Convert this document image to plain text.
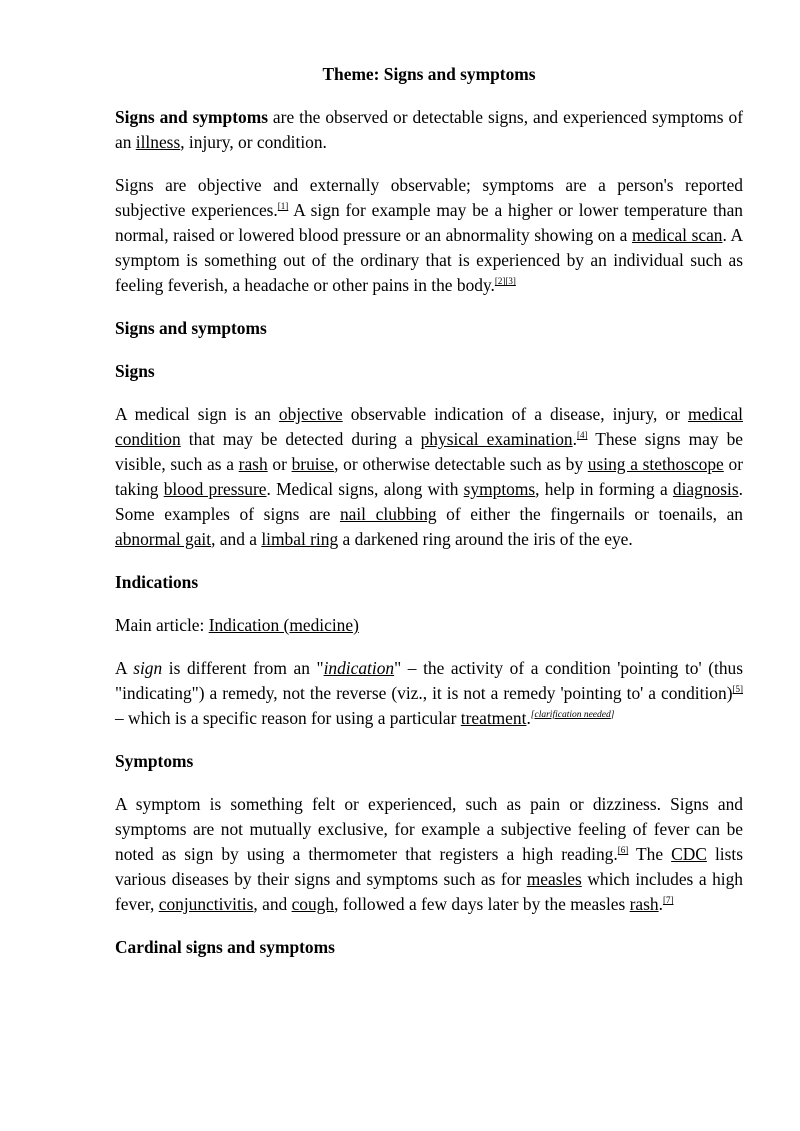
Theme: Signs and symptoms

Signs and symptoms are the observed or detectable signs, and experienced symptoms of an illness, injury, or condition.

Signs are objective and externally observable; symptoms are a person's reported subjective experiences.[1] A sign for example may be a higher or lower temperature than normal, raised or lowered blood pressure or an abnormality showing on a medical scan. A symptom is something out of the ordinary that is experienced by an individual such as feeling feverish, a headache or other pains in the body.[2][3]

Signs and symptoms
Signs

A medical sign is an objective observable indication of a disease, injury, or medical condition that may be detected during a physical examination.[4] These signs may be visible, such as a rash or bruise, or otherwise detectable such as by using a stethoscope or taking blood pressure. Medical signs, along with symptoms, help in forming a diagnosis. Some examples of signs are nail clubbing of either the fingernails or toenails, an abnormal gait, and a limbal ring a darkened ring around the iris of the eye.

Indications

Main article: Indication (medicine)

A sign is different from an "indication" – the activity of a condition 'pointing to' (thus "indicating") a remedy, not the reverse (viz., it is not a remedy 'pointing to' a condition)[5] – which is a specific reason for using a particular treatment.[clarification needed]

Symptoms

A symptom is something felt or experienced, such as pain or dizziness. Signs and symptoms are not mutually exclusive, for example a subjective feeling of fever can be noted as sign by using a thermometer that registers a high reading.[6] The CDC lists various diseases by their signs and symptoms such as for measles which includes a high fever, conjunctivitis, and cough, followed a few days later by the measles rash.[7]

Cardinal signs and symptoms
